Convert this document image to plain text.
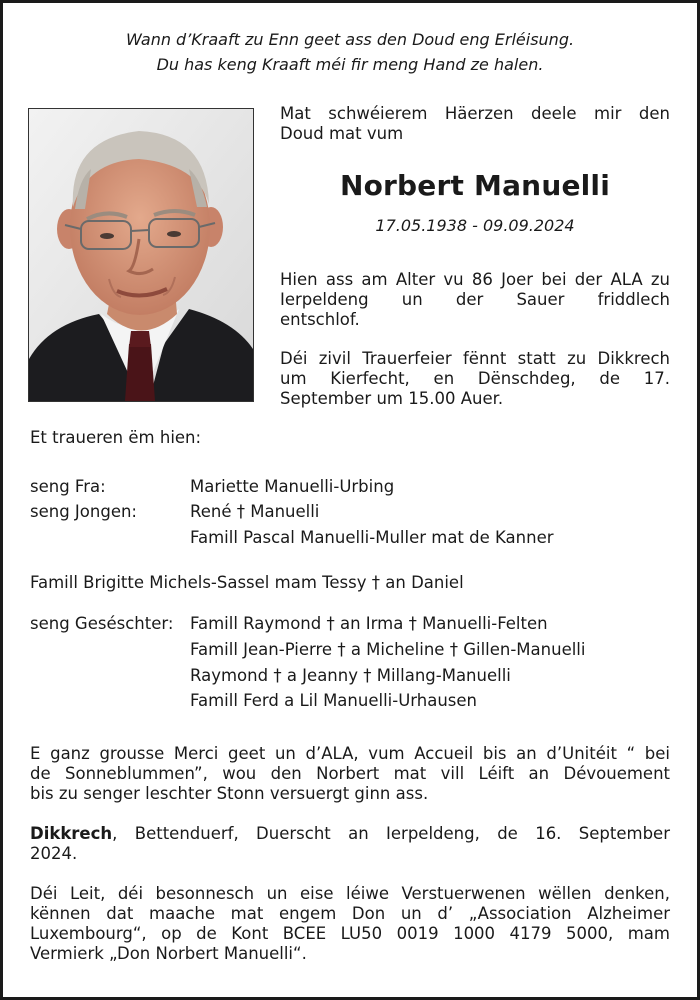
Wann d’Kraaft zu Enn geet ass den Doud eng Erléisung.
Du has keng Kraaft méi fir meng Hand ze halen.
Mat schwéierem Häerzen deele mir den
Doud mat vum
Norbert Manuelli
17.05.1938 - 09.09.2024
Hien ass am Alter vu 86 Joer bei der ALA zu
Ierpeldeng un der Sauer friddlech
entschlof.
Déi zivil Trauerfeier fënnt statt zu Dikkrech
um Kierfecht, en Dënschdeg, de 17.
September um 15.00 Auer.
Et traueren ëm hien:
seng Fra:	Mariette Manuelli-Urbing
seng Jongen:	René † Manuelli
Famill Pascal Manuelli-Muller mat de Kanner
Famill Brigitte Michels-Sassel mam Tessy † an Daniel
seng Geséschter: Famill Raymond † an Irma † Manuelli-Felten
Famill Jean-Pierre † a Micheline † Gillen-Manuelli
Raymond † a Jeanny † Millang-Manuelli
Famill Ferd a Lil Manuelli-Urhausen
E ganz grousse Merci geet un d’ALA, vum Accueil bis an d’Unitéit “ bei
de Sonneblummen”, wou den Norbert mat vill Léift an Dévouement
bis zu senger leschter Stonn versuergt ginn ass.
Dikkrech, Bettenduerf, Duerscht an Ierpeldeng, de 16. September
2024.
Déi Leit, déi besonnesch un eise léiwe Verstuerwenen wëllen denken,
kënnen dat maache mat engem Don un d’ „Association Alzheimer
Luxembourg“, op de Kont BCEE LU50 0019 1000 4179 5000, mam
Vermierk „Don Norbert Manuelli“.
